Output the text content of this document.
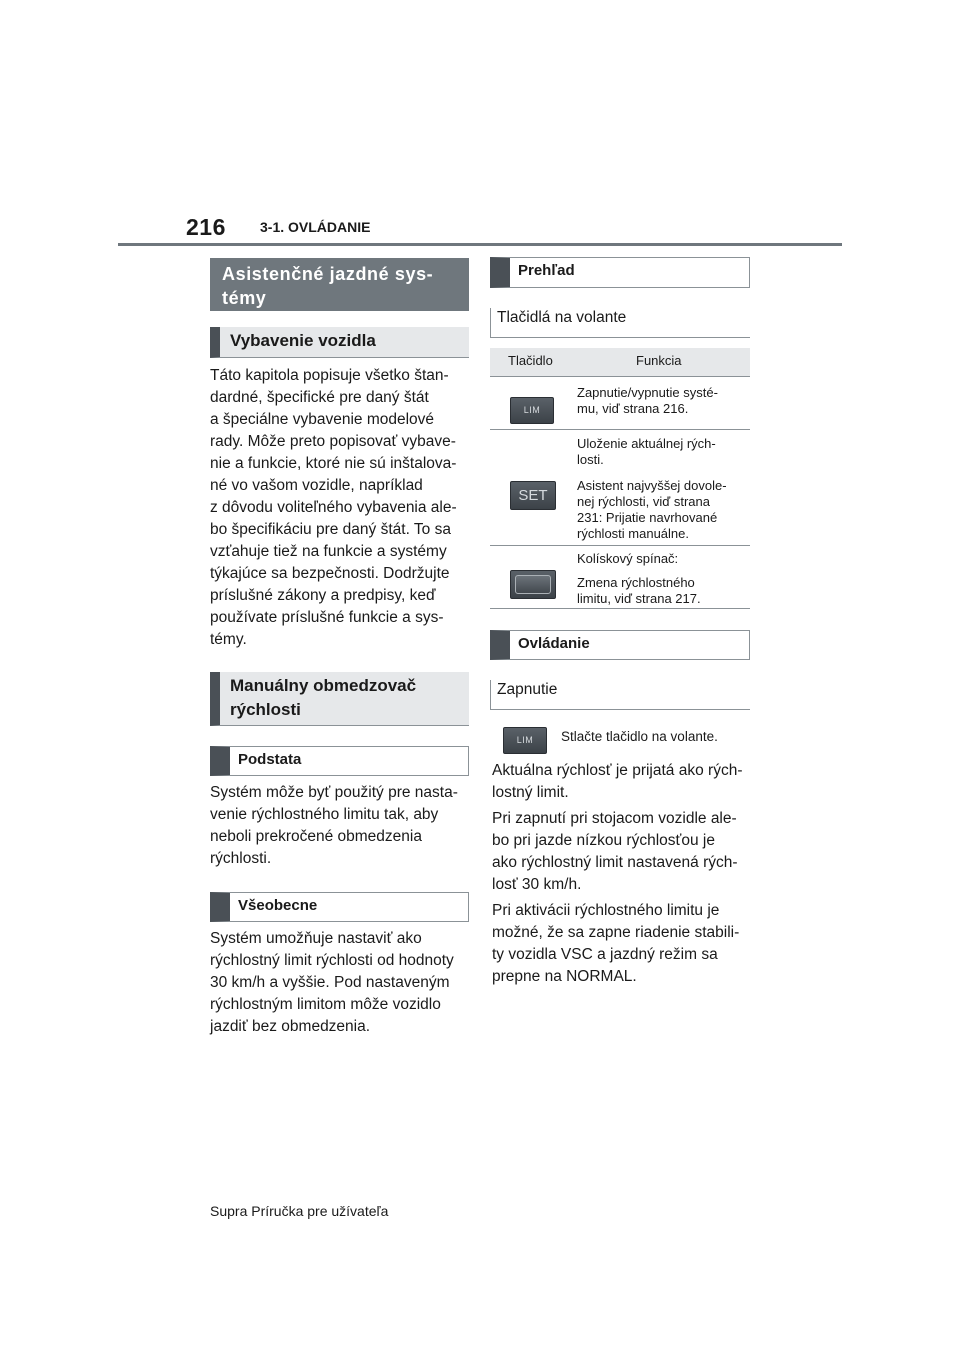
216 3-1. OVLÁDANIE
Asistenčné jazdné sys-
témy
Vybavenie vozidla
Táto kapitola popisuje všetko štan-
dardné, špecifické pre daný štát
a špeciálne vybavenie modelové
rady. Môže preto popisovať vybave-
nie a funkcie, ktoré nie sú inštalova-
né vo vašom vozidle, napríklad
z dôvodu voliteľného vybavenia ale-
bo špecifikáciu pre daný štát. To sa
vzťahuje tiež na funkcie a systémy
týkajúce sa bezpečnosti. Dodržujte
príslušné zákony a predpisy, keď
používate príslušné funkcie a sys-
témy.
Manuálny obmedzovač
rýchlosti
Podstata
Systém môže byť použitý pre nasta-
venie rýchlostného limitu tak, aby
neboli prekročené obmedzenia
rýchlosti.
Všeobecne
Systém umožňuje nastaviť ako
rýchlostný limit rýchlosti od hodnoty
30 km/h a vyššie. Pod nastaveným
rýchlostným limitom môže vozidlo
jazdiť bez obmedzenia.
Prehľad
Tlačidlá na volante
Tlačidlo	Funkcia
LIM
Zapnutie/vypnutie systé-
mu, viď strana 216.
SET
Uloženie aktuálnej rých-
losti.
Asistent najvyššej dovole-
nej rýchlosti, viď strana
231: Prijatie navrhované
rýchlosti manuálne.
Kolískový spínač:
Zmena rýchlostného
limitu, viď strana 217.
Ovládanie
Zapnutie
LIM	Stlačte tlačidlo na volante.
Aktuálna rýchlosť je prijatá ako rých-
lostný limit.
Pri zapnutí pri stojacom vozidle ale-
bo pri jazde nízkou rýchlosťou je
ako rýchlostný limit nastavená rých-
losť 30 km/h.
Pri aktivácii rýchlostného limitu je
možné, že sa zapne riadenie stabili-
ty vozidla VSC a jazdný režim sa
prepne na NORMAL.
Supra Príručka pre užívateľa
